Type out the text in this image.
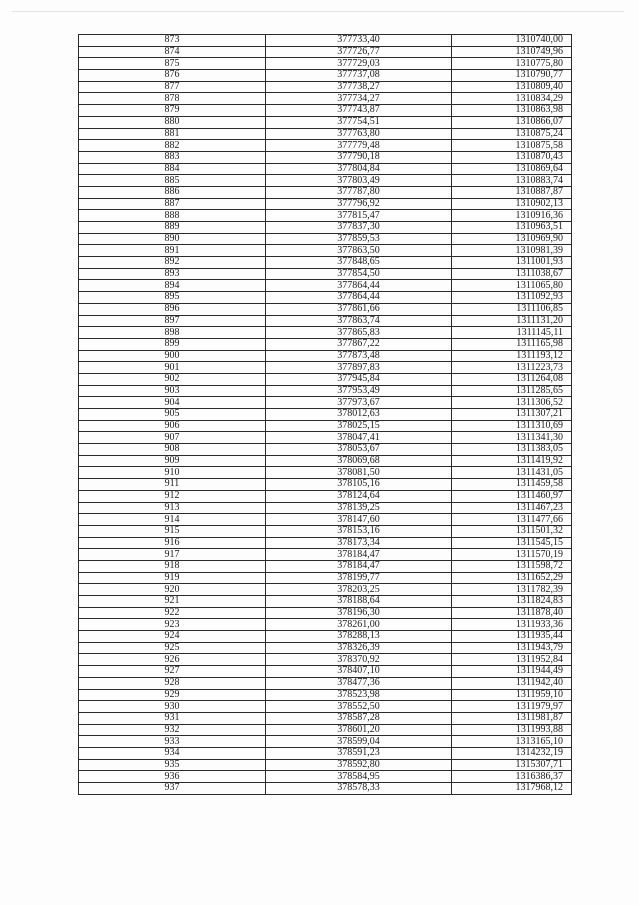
873	377733,40	1310740,00
874	377726,77	1310749,96
875	377729,03	1310775,80
876	377737,08	1310790,77
877	377738,27	1310809,40
878	377734,27	1310834,29
879	377743,87	1310863,98
880	377754,51	1310866,07
881	377763,80	1310875,24
882	377779,48	1310875,58
883	377790,18	1310870,43
884	377804,84	1310869,64
885	377803,49	1310883,74
886	377787,80	1310887,87
887	377796,92	1310902,13
888	377815,47	1310916,36
889	377837,30	1310963,51
890	377859,53	1310969,90
891	377863,50	1310981,39
892	377848,65	1311001,93
893	377854,50	1311038,67
894	377864,44	1311065,80
895	377864,44	1311092,93
896	377861,66	1311106,85
897	377863,74	1311131,20
898	377865,83	1311145,11
899	377867,22	1311165,98
900	377873,48	1311193,12
901	377897,83	1311223,73
902	377945,84	1311264,08
903	377953,49	1311285,65
904	377973,67	1311306,52
905	378012,63	1311307,21
906	378025,15	1311310,69
907	378047,41	1311341,30
908	378053,67	1311383,05
909	378069,68	1311419,92
910	378081,50	1311431,05
911	378105,16	1311459,58
912	378124,64	1311460,97
913	378139,25	1311467,23
914	378147,60	1311477,66
915	378153,16	1311501,32
916	378173,34	1311545,15
917	378184,47	1311570,19
918	378184,47	1311598,72
919	378199,77	1311652,29
920	378203,25	1311782,39
921	378188,64	1311824,83
922	378196,30	1311878,40
923	378261,00	1311933,36
924	378288,13	1311935,44
925	378326,39	1311943,79
926	378370,92	1311952,84
927	378407,10	1311944,49
928	378477,36	1311942,40
929	378523,98	1311959,10
930	378552,50	1311979,97
931	378587,28	1311981,87
932	378601,20	1311993,88
933	378599,04	1313165,10
934	378591,23	1314232,19
935	378592,80	1315307,71
936	378584,95	1316386,37
937	378578,33	1317968,12
